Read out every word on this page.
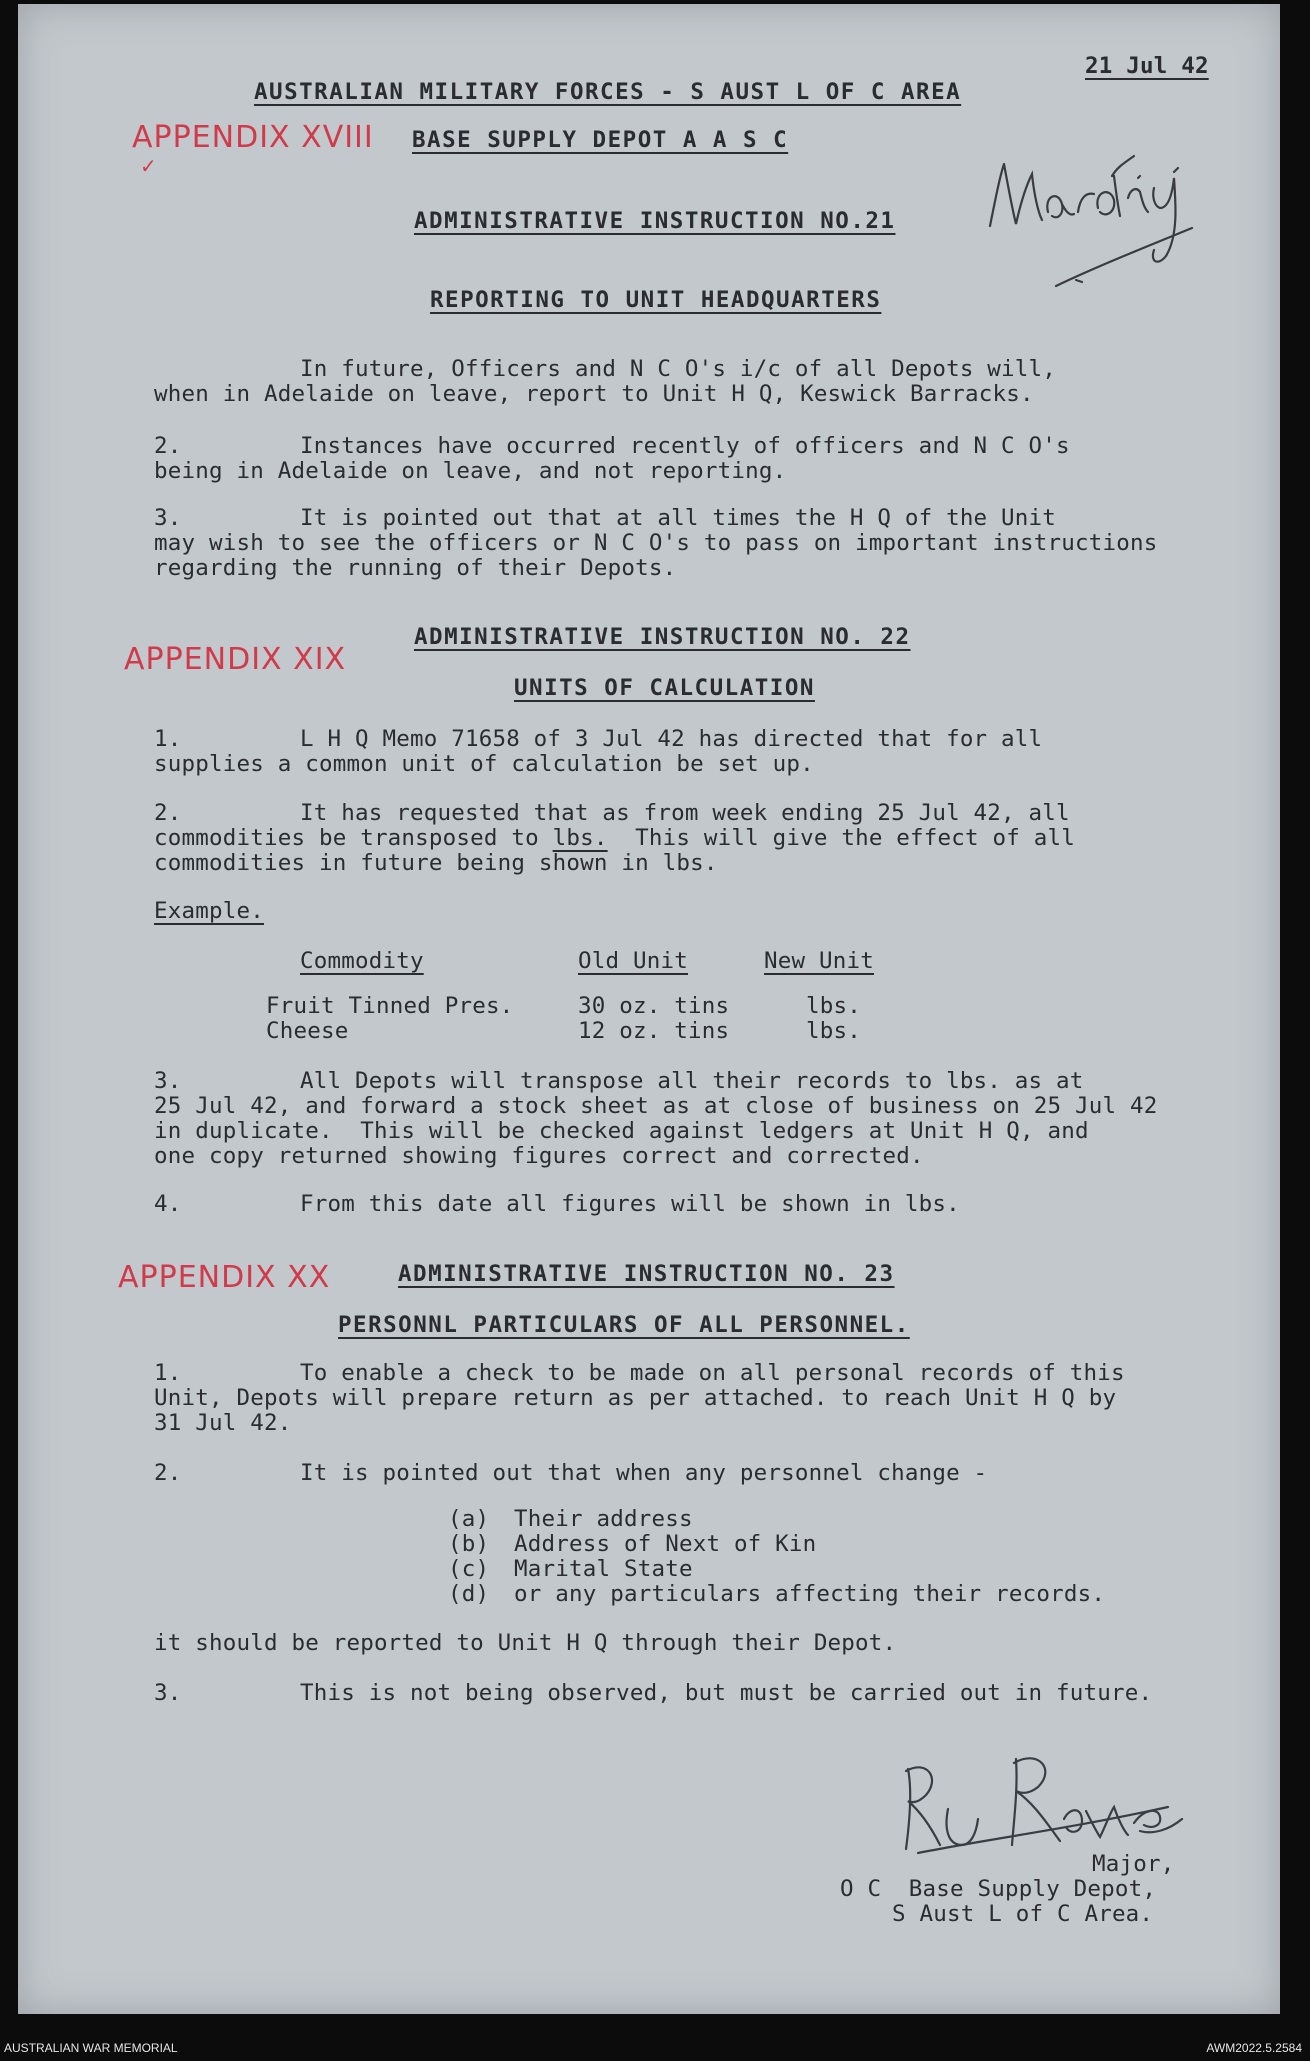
21 Jul 42
AUSTRALIAN MILITARY FORCES - S AUST L OF C AREA
BASE SUPPLY DEPOT A A S C
APPENDIX XVIII
✓
ADMINISTRATIVE INSTRUCTION NO.21
REPORTING TO UNIT HEADQUARTERS
In future, Officers and N C O's i/c of all Depots will,
when in Adelaide on leave, report to Unit H Q, Keswick Barracks.
2.	Instances have occurred recently of officers and N C O's
being in Adelaide on leave, and not reporting.
3.	It is pointed out that at all times the H Q of the Unit
may wish to see the officers or N C O's to pass on important instructions
regarding the running of their Depots.
APPENDIX XIX
ADMINISTRATIVE INSTRUCTION NO. 22
UNITS OF CALCULATION
1.	L H Q Memo 71658 of 3 Jul 42 has directed that for all
supplies a common unit of calculation be set up.
2.	It has requested that as from week ending 25 Jul 42, all
commodities be transposed to lbs.  This will give the effect of all
commodities in future being shown in lbs.
Example.
Commodity	Old Unit	New Unit
Fruit Tinned Pres.	30 oz. tins	lbs.
Cheese	12 oz. tins	lbs.
3.	All Depots will transpose all their records to lbs. as at
25 Jul 42, and forward a stock sheet as at close of business on 25 Jul 42
in duplicate.  This will be checked against ledgers at Unit H Q, and
one copy returned showing figures correct and corrected.
4.	From this date all figures will be shown in lbs.
APPENDIX XX	ADMINISTRATIVE INSTRUCTION NO. 23
PERSONNL PARTICULARS OF ALL PERSONNEL.
1.	To enable a check to be made on all personal records of this
Unit, Depots will prepare return as per attached. to reach Unit H Q by
31 Jul 42.
2.	It is pointed out that when any personnel change -
(a) Their address
(b) Address of Next of Kin
(c) Marital State
(d) or any particulars affecting their records.
it should be reported to Unit H Q through their Depot.
3.	This is not being observed, but must be carried out in future.
Major,
O C  Base Supply Depot,
S Aust L of C Area.
AUSTRALIAN WAR MEMORIAL	AWM2022.5.2584
